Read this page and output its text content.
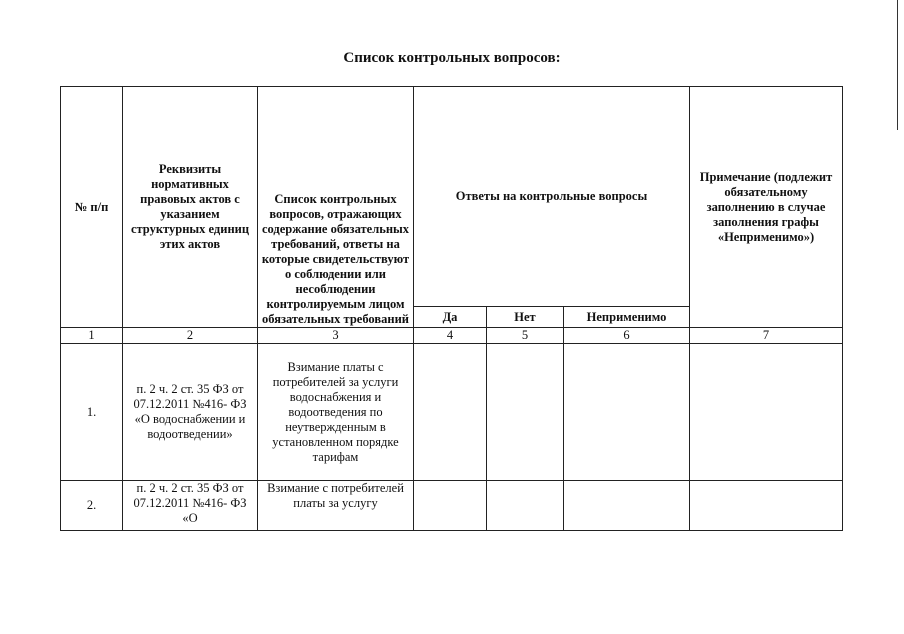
Список контрольных вопросов:
№ п/п	Реквизиты нормативных правовых актов с указанием структурных единиц этих актов	Список контрольных вопросов, отражающих содержание обязательных требований, ответы на которые свидетельствуют о соблюдении или несоблюдении контролируемым лицом обязательных требований	Ответы на контрольные вопросы			Примечание (подлежит обязательному заполнению в случае заполнения графы «Неприменимо»)
			Да	Нет	Неприменимо	
1	2	3	4	5	6	7
1.	п. 2 ч. 2 ст. 35 ФЗ от 07.12.2011 №416- ФЗ «О водоснабжении и водоотведении»	Взимание платы с потребителей за услуги водоснабжения и водоотведения по неутвержденным в установленном порядке тарифам				
2.	п. 2 ч. 2 ст. 35 ФЗ от 07.12.2011 №416- ФЗ «О	Взимание с потребителей платы за услугу				
